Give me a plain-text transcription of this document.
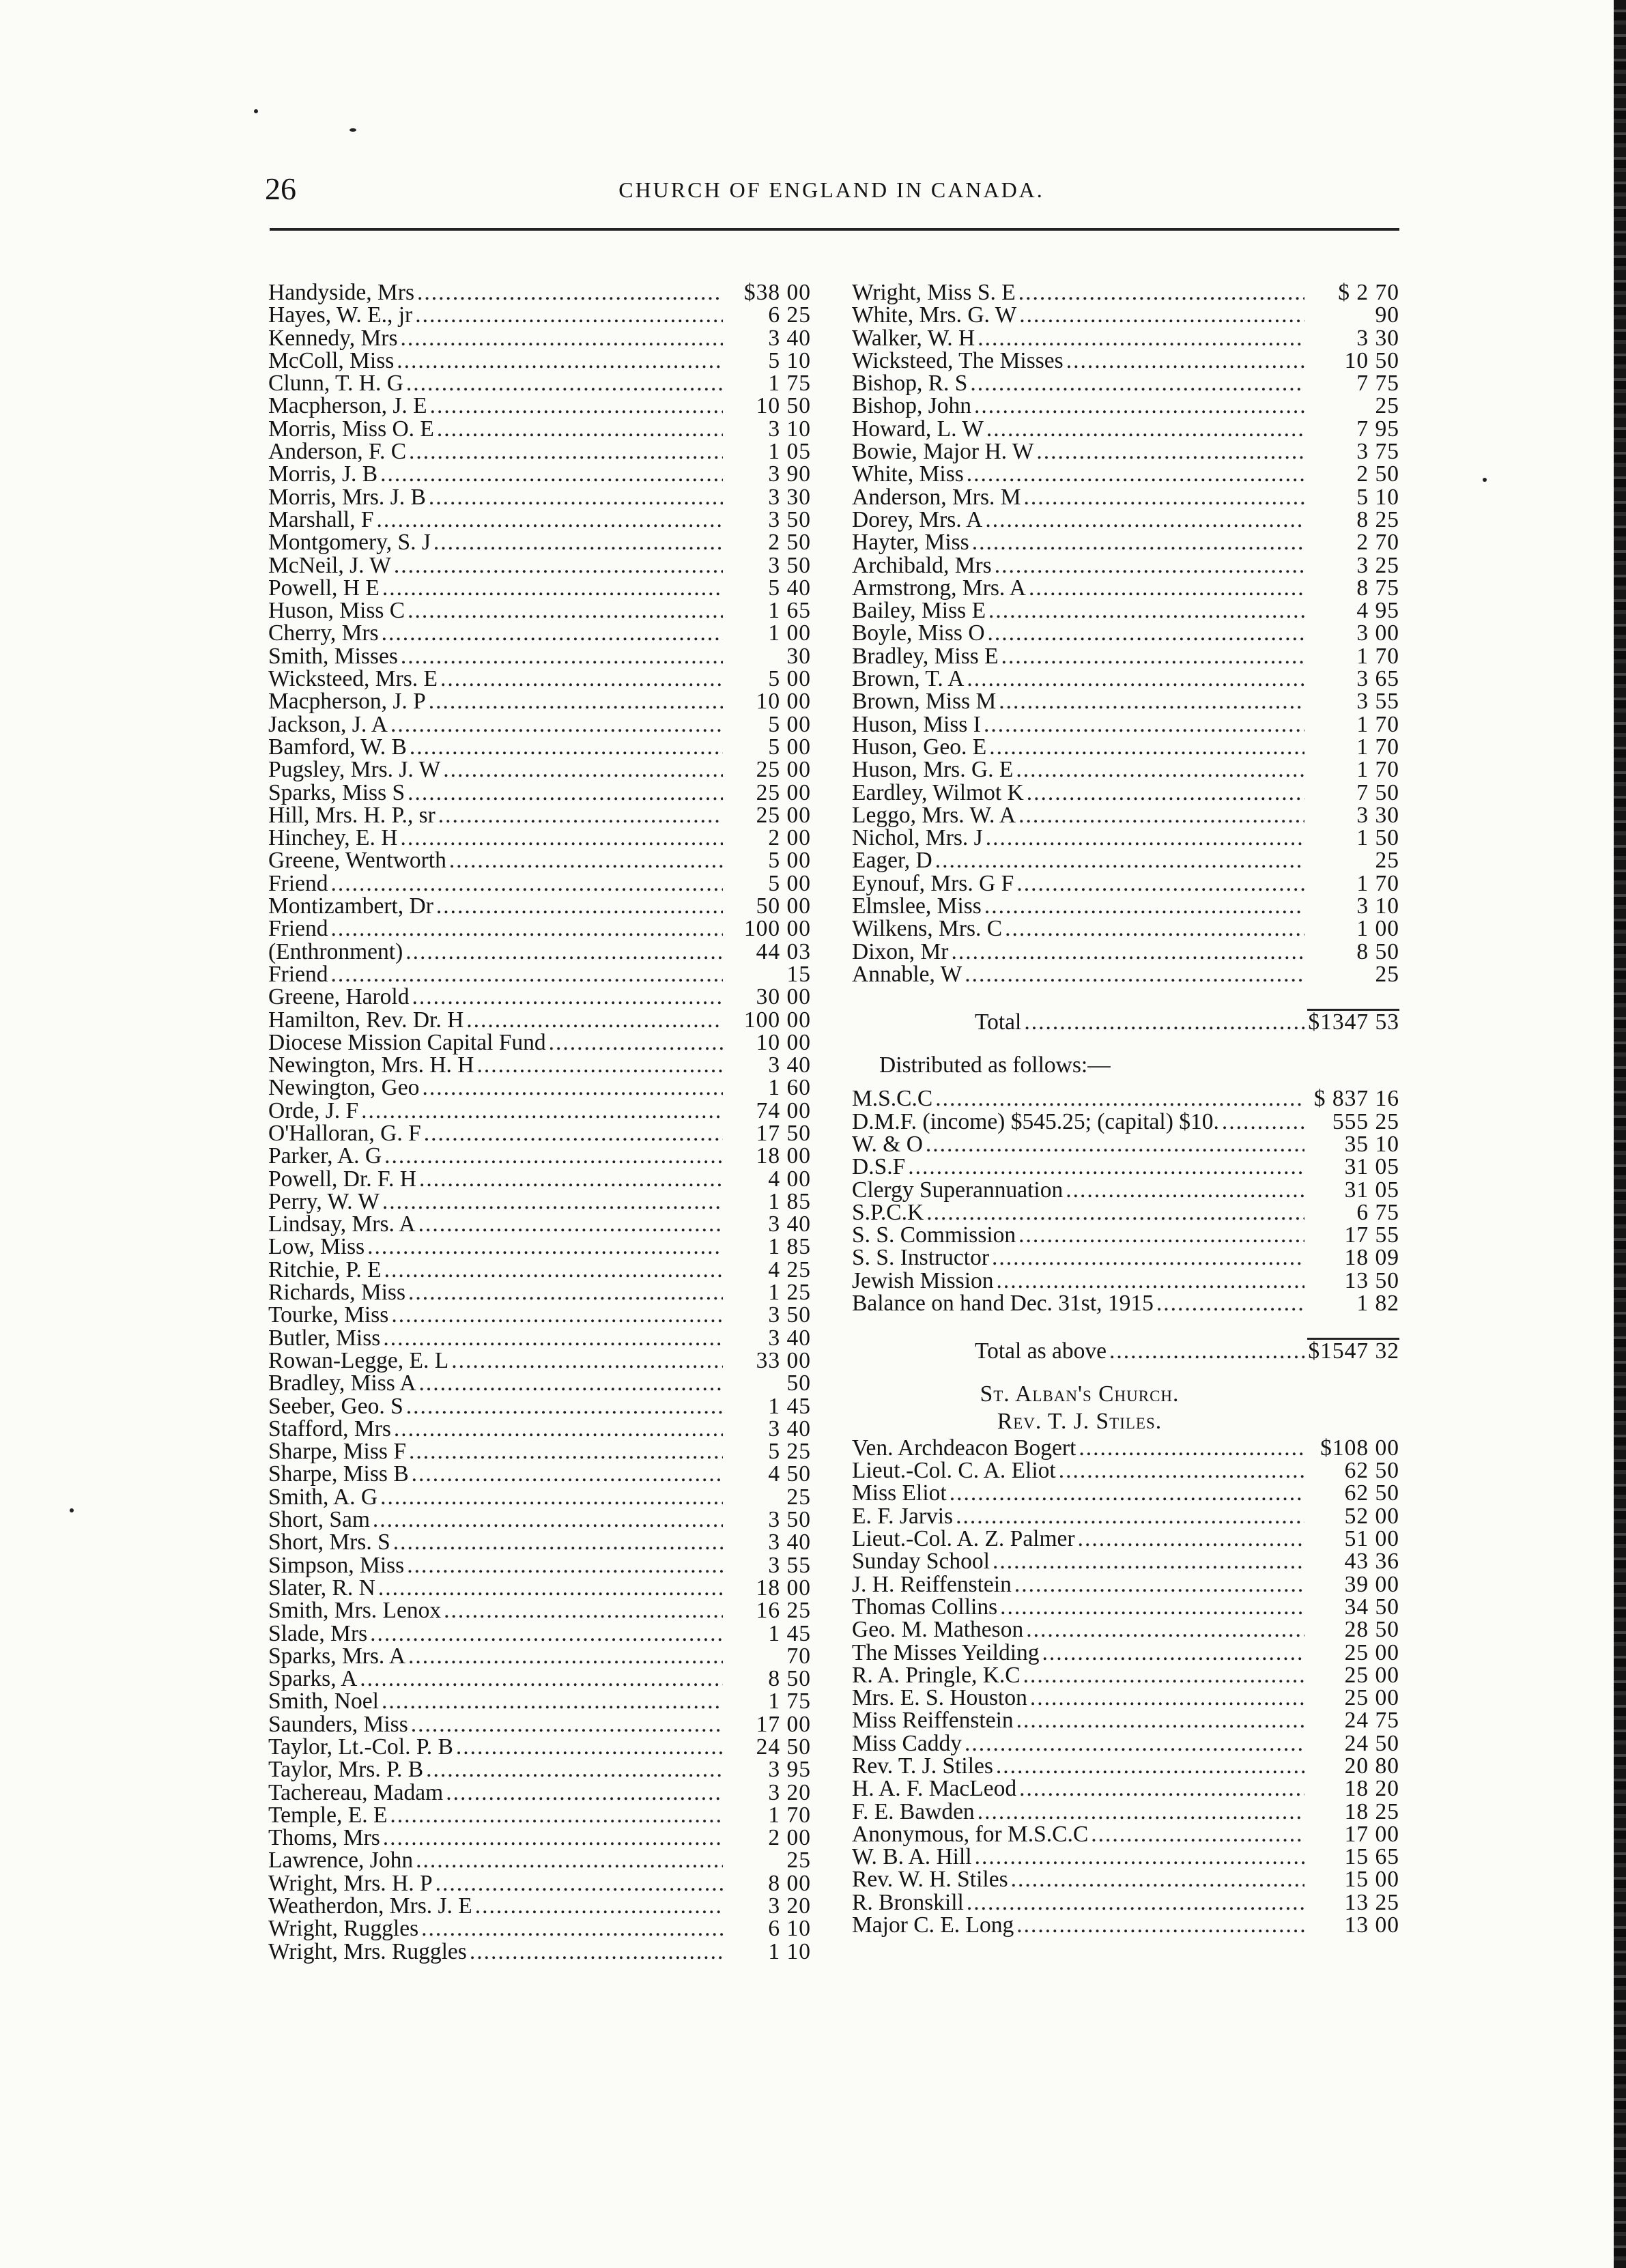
26	CHURCH OF ENGLAND IN CANADA.
Handyside, Mrs .....	$38 00
Hayes, W. E., jr .....	6 25
Kennedy, Mrs .....	3 40
McColl, Miss .....	5 10
Clunn, T. H. G .....	1 75
Macpherson, J. E .....	10 50
Morris, Miss O. E .....	3 10
Anderson, F. C .....	1 05
Morris, J. B .....	3 90
Morris, Mrs. J. B .....	3 30
Marshall, F .....	3 50
Montgomery, S. J .....	2 50
McNeil, J. W .....	3 50
Powell, H E .....	5 40
Huson, Miss C .....	1 65
Cherry, Mrs .....	1 00
Smith, Misses .....	30
Wicksteed, Mrs. E .....	5 00
Macpherson, J. P .....	10 00
Jackson, J. A .....	5 00
Bamford, W. B .....	5 00
Pugsley, Mrs. J. W .....	25 00
Sparks, Miss S .....	25 00
Hill, Mrs. H. P., sr .....	25 00
Hinchey, E. H .....	2 00
Greene, Wentworth .....	5 00
Friend .....	5 00
Montizambert, Dr .....	50 00
Friend .....	100 00
(Enthronment) .....	44 03
Friend .....	15
Greene, Harold .....	30 00
Hamilton, Rev. Dr. H .....	100 00
Diocese Mission Capital Fund .....	10 00
Newington, Mrs. H. H .....	3 40
Newington, Geo .....	1 60
Orde, J. F .....	74 00
O'Halloran, G. F .....	17 50
Parker, A. G .....	18 00
Powell, Dr. F. H .....	4 00
Perry, W. W .....	1 85
Lindsay, Mrs. A .....	3 40
Low, Miss .....	1 85
Ritchie, P. E .....	4 25
Richards, Miss .....	1 25
Tourke, Miss .....	3 50
Butler, Miss .....	3 40
Rowan-Legge, E. L .....	33 00
Bradley, Miss A .....	50
Seeber, Geo. S .....	1 45
Stafford, Mrs .....	3 40
Sharpe, Miss F .....	5 25
Sharpe, Miss B .....	4 50
Smith, A. G .....	25
Short, Sam .....	3 50
Short, Mrs. S .....	3 40
Simpson, Miss .....	3 55
Slater, R. N .....	18 00
Smith, Mrs. Lenox .....	16 25
Slade, Mrs .....	1 45
Sparks, Mrs. A .....	70
Sparks, A .....	8 50
Smith, Noel .....	1 75
Saunders, Miss .....	17 00
Taylor, Lt.-Col. P. B .....	24 50
Taylor, Mrs. P. B .....	3 95
Tachereau, Madam .....	3 20
Temple, E. E .....	1 70
Thoms, Mrs .....	2 00
Lawrence, John .....	25
Wright, Mrs. H. P .....	8 00
Weatherdon, Mrs. J. E .....	3 20
Wright, Ruggles .....	6 10
Wright, Mrs. Ruggles .....	1 10
Wright, Miss S. E .....	$ 2 70
White, Mrs. G. W .....	90
Walker, W. H .....	3 30
Wicksteed, The Misses .....	10 50
Bishop, R. S .....	7 75
Bishop, John .....	25
Howard, L. W .....	7 95
Bowie, Major H. W .....	3 75
White, Miss .....	2 50
Anderson, Mrs. M .....	5 10
Dorey, Mrs. A .....	8 25
Hayter, Miss .....	2 70
Archibald, Mrs .....	3 25
Armstrong, Mrs. A .....	8 75
Bailey, Miss E .....	4 95
Boyle, Miss O .....	3 00
Bradley, Miss E .....	1 70
Brown, T. A .....	3 65
Brown, Miss M .....	3 55
Huson, Miss I .....	1 70
Huson, Geo. E .....	1 70
Huson, Mrs. G. E .....	1 70
Eardley, Wilmot K .....	7 50
Leggo, Mrs. W. A .....	3 30
Nichol, Mrs. J .....	1 50
Eager, D .....	25
Eynouf, Mrs. G F .....	1 70
Elmslee, Miss .....	3 10
Wilkens, Mrs. C .....	1 00
Dixon, Mr .....	8 50
Annable, W .....	25
Total .....	$1347 53
Distributed as follows:—
M.S.C.C .....	$ 837 16
D.M.F. (income) $545.25; (capital) $10. .....	555 25
W. & O .....	35 10
D.S.F .....	31 05
Clergy Superannuation .....	31 05
S.P.C.K .....	6 75
S. S. Commission .....	17 55
S. S. Instructor .....	18 09
Jewish Mission .....	13 50
Balance on hand Dec. 31st, 1915 .....	1 82
Total as above .....	$1547 32
St. Alban's Church.
Rev. T. J. Stiles.
Ven. Archdeacon Bogert .....	$108 00
Lieut.-Col. C. A. Eliot .....	62 50
Miss Eliot .....	62 50
E. F. Jarvis .....	52 00
Lieut.-Col. A. Z. Palmer .....	51 00
Sunday School .....	43 36
J. H. Reiffenstein .....	39 00
Thomas Collins .....	34 50
Geo. M. Matheson .....	28 50
The Misses Yeilding .....	25 00
R. A. Pringle, K.C .....	25 00
Mrs. E. S. Houston .....	25 00
Miss Reiffenstein .....	24 75
Miss Caddy .....	24 50
Rev. T. J. Stiles .....	20 80
H. A. F. MacLeod .....	18 20
F. E. Bawden .....	18 25
Anonymous, for M.S.C.C .....	17 00
W. B. A. Hill .....	15 65
Rev. W. H. Stiles .....	15 00
R. Bronskill .....	13 25
Major C. E. Long .....	13 00
